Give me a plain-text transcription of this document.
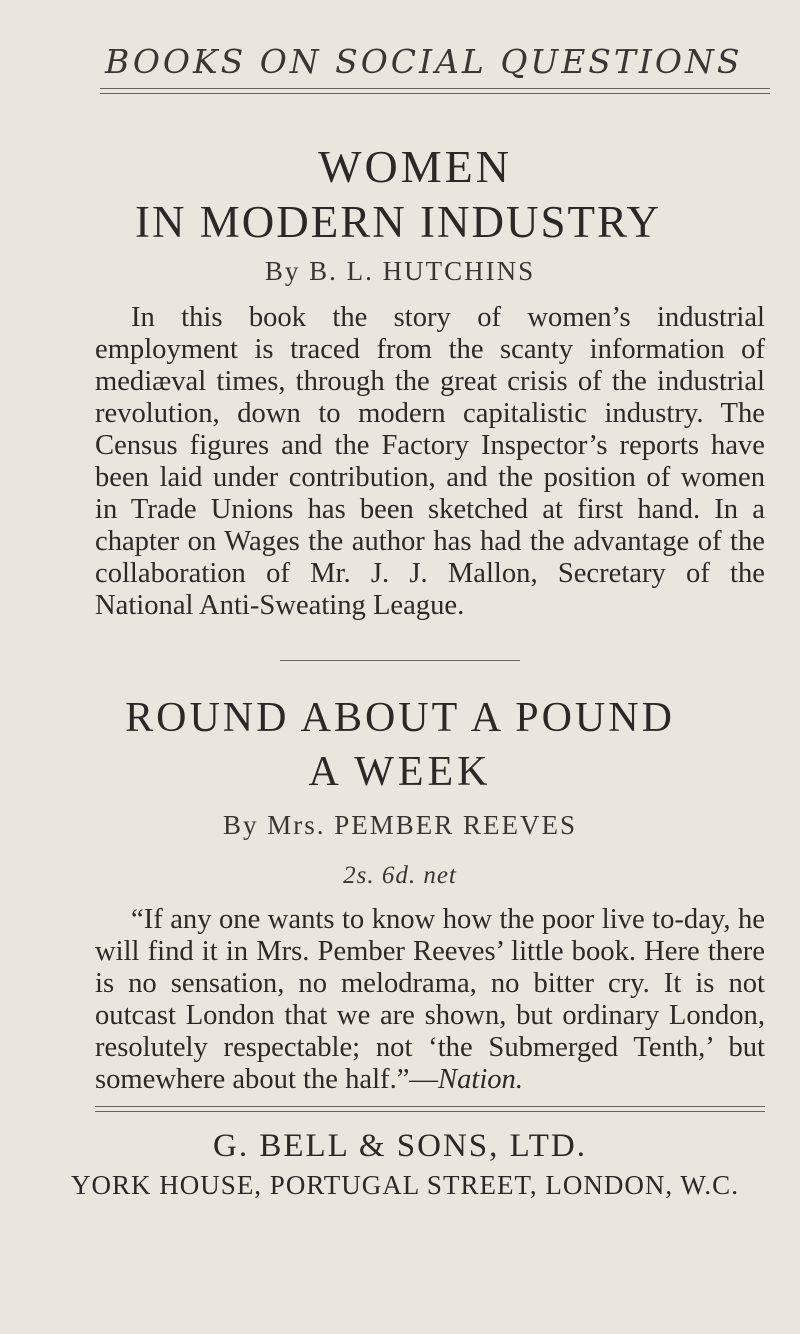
BOOKS ON SOCIAL QUESTIONS
WOMEN
IN MODERN INDUSTRY
By B. L. HUTCHINS

In this book the story of women’s industrial employment is traced from the scanty information of mediæval times, through the great crisis of the industrial revolution, down to modern capitalistic industry. The Census figures and the Factory Inspector’s reports have been laid under contribution, and the position of women in Trade Unions has been sketched at first hand. In a chapter on Wages the author has had the advantage of the collaboration of Mr. J. J. Mallon, Secretary of the National Anti-Sweating League.

ROUND ABOUT A POUND
A WEEK
By Mrs. PEMBER REEVES
2s. 6d. net

“If any one wants to know how the poor live to-day, he will find it in Mrs. Pember Reeves’ little book. Here there is no sensation, no melodrama, no bitter cry. It is not outcast London that we are shown, but ordinary London, resolutely respectable; not ‘the Submerged Tenth,’ but somewhere about the half.”—Nation.

G. BELL & SONS, LTD.
YORK HOUSE, PORTUGAL STREET, LONDON, W.C.
